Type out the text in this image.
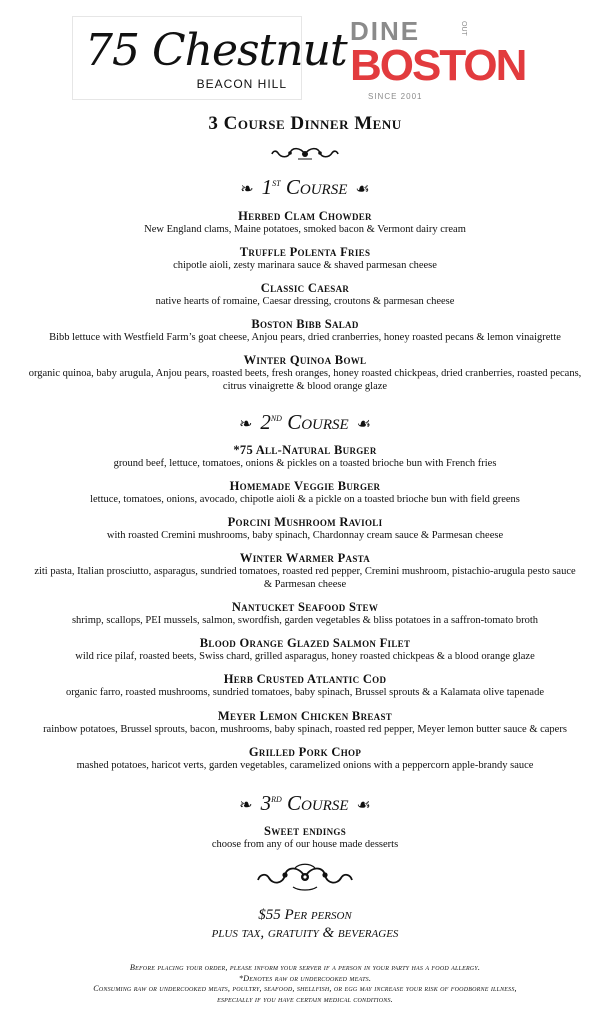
75 Chestnut
BEACON HILL
DINE	OUT
BOSTON
SINCE 2001
3 Course Dinner Menu
❧ 1st Course ☙
Herbed Clam Chowder
New England clams, Maine potatoes, smoked bacon & Vermont dairy cream
Truffle Polenta Fries
chipotle aioli, zesty marinara sauce & shaved parmesan cheese
Classic Caesar
native hearts of romaine, Caesar dressing, croutons & parmesan cheese
Boston Bibb Salad
Bibb lettuce with Westfield Farm’s goat cheese, Anjou pears, dried cranberries, honey roasted pecans & lemon vinaigrette
Winter Quinoa Bowl
organic quinoa, baby arugula, Anjou pears, roasted beets, fresh oranges, honey roasted chickpeas, dried cranberries, roasted pecans, citrus vinaigrette & blood orange glaze
❧ 2nd Course ☙
*75 All-Natural Burger
ground beef, lettuce, tomatoes, onions & pickles on a toasted brioche bun with French fries
Homemade Veggie Burger
lettuce, tomatoes, onions, avocado, chipotle aioli & a pickle on a toasted brioche bun with field greens
Porcini Mushroom Ravioli
with roasted Cremini mushrooms, baby spinach, Chardonnay cream sauce & Parmesan cheese
Winter Warmer Pasta
ziti pasta, Italian prosciutto, asparagus, sundried tomatoes, roasted red pepper, Cremini mushroom, pistachio-arugula pesto sauce & Parmesan cheese
Nantucket Seafood Stew
shrimp, scallops, PEI mussels, salmon, swordfish, garden vegetables & bliss potatoes in a saffron-tomato broth
Blood Orange Glazed Salmon Filet
wild rice pilaf, roasted beets, Swiss chard, grilled asparagus, honey roasted chickpeas & a blood orange glaze
Herb Crusted Atlantic Cod
organic farro, roasted mushrooms, sundried tomatoes, baby spinach, Brussel sprouts & a Kalamata olive tapenade
Meyer Lemon Chicken Breast
rainbow potatoes, Brussel sprouts, bacon, mushrooms, baby spinach, roasted red pepper, Meyer lemon butter sauce & capers
Grilled Pork Chop
mashed potatoes, haricot verts, garden vegetables, caramelized onions with a peppercorn apple-brandy sauce
❧ 3rd Course ☙
Sweet endings
choose from any of our house made desserts
$55 Per person
plus tax, gratuity & beverages
Before placing your order, please inform your server if a person in your party has a food allergy.
*Denotes raw or undercooked meats.
Consuming raw or undercooked meats, poultry, seafood, shellfish, or egg may increase your risk of foodborne illness,
especially if you have certain medical conditions.
